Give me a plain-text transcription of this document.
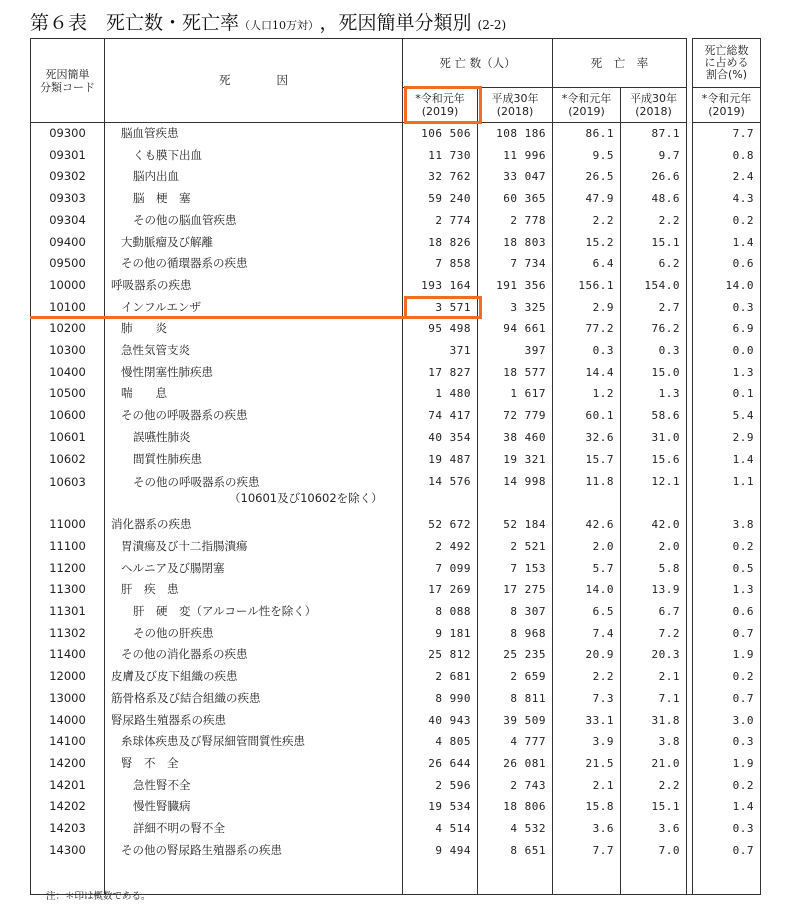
第６表　死亡数・死亡率（人口10万対） ，死因簡単分類別 (2-2)
死因簡単
分類コード	死　　　　因	死 亡 数（人）		死　亡　率			死亡総数
に占める
割合(%)

		*令和元年
(2019)	平成30年
(2018)	*令和元年
(2019)	平成30年
(2018)		*令和元年
(2019)

09300	脳血管疾患	106 506	108 186	86.1	87.1		7.7
09301	くも膜下出血	11 730	11 996	9.5	9.7		0.8
09302	脳内出血	32 762	33 047	26.5	26.6		2.4
09303	脳　梗　塞	59 240	60 365	47.9	48.6		4.3
09304	その他の脳血管疾患	2 774	2 778	2.2	2.2		0.2
09400	大動脈瘤及び解離	18 826	18 803	15.2	15.1		1.4
09500	その他の循環器系の疾患	7 858	7 734	6.4	6.2		0.6
10000	呼吸器系の疾患	193 164	191 356	156.1	154.0		14.0
10100	インフルエンザ	3 571	3 325	2.9	2.7		0.3
10200	肺　　炎	95 498	94 661	77.2	76.2		6.9
10300	急性気管支炎	371	397	0.3	0.3		0.0
10400	慢性閉塞性肺疾患	17 827	18 577	14.4	15.0		1.3
10500	喘　　息	1 480	1 617	1.2	1.3		0.1
10600	その他の呼吸器系の疾患	74 417	72 779	60.1	58.6		5.4
10601	誤嚥性肺炎	40 354	38 460	32.6	31.0		2.9
10602	間質性肺疾患	19 487	19 321	15.7	15.6		1.4
10603	その他の呼吸器系の疾患
（10601及び10602を除く）	14 576	14 998	11.8	12.1		1.1
11000	消化器系の疾患	52 672	52 184	42.6	42.0		3.8
11100	胃潰瘍及び十二指腸潰瘍	2 492	2 521	2.0	2.0		0.2
11200	ヘルニア及び腸閉塞	7 099	7 153	5.7	5.8		0.5
11300	肝　疾　患	17 269	17 275	14.0	13.9		1.3
11301	肝　硬　変（アルコール性を除く）	8 088	8 307	6.5	6.7		0.6
11302	その他の肝疾患	9 181	8 968	7.4	7.2		0.7
11400	その他の消化器系の疾患	25 812	25 235	20.9	20.3		1.9
12000	皮膚及び皮下組織の疾患	2 681	2 659	2.2	2.1		0.2
13000	筋骨格系及び結合組織の疾患	8 990	8 811	7.3	7.1		0.7
14000	腎尿路生殖器系の疾患	40 943	39 509	33.1	31.8		3.0
14100	糸球体疾患及び腎尿細管間質性疾患	4 805	4 777	3.9	3.8		0.3
14200	腎　不　全	26 644	26 081	21.5	21.0		1.9
14201	急性腎不全	2 596	2 743	2.1	2.2		0.2
14202	慢性腎臓病	19 534	18 806	15.8	15.1		1.4
14203	詳細不明の腎不全	4 514	4 532	3.6	3.6		0.3
14300	その他の腎尿路生殖器系の疾患	9 494	8 651	7.7	7.0		0.7

注：＊印は概数である。
